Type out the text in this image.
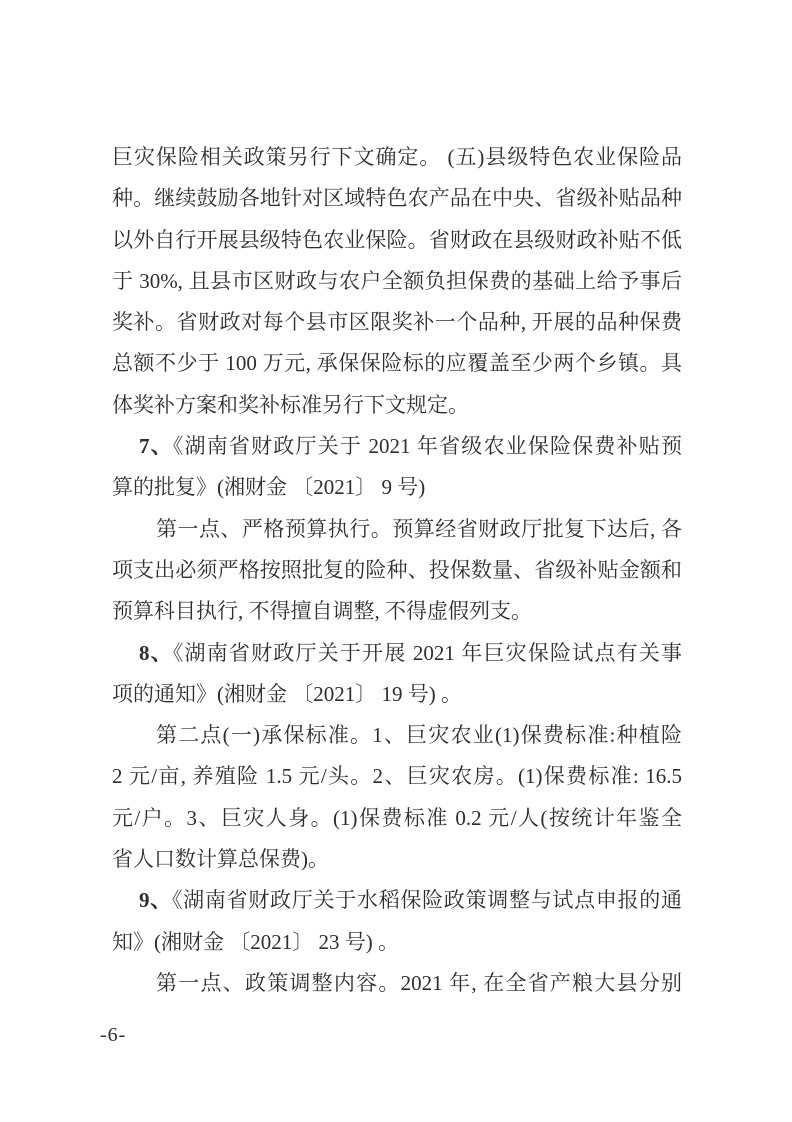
巨灾保险相关政策另行下文确定。 (五)县级特色农业保险品
种。继续鼓励各地针对区域特色农产品在中央、省级补贴品种
以外自行开展县级特色农业保险。省财政在县级财政补贴不低
于 30%, 且县市区财政与农户全额负担保费的基础上给予事后
奖补。省财政对每个县市区限奖补一个品种, 开展的品种保费
总额不少于 100 万元, 承保保险标的应覆盖至少两个乡镇。具
体奖补方案和奖补标准另行下文规定。
7、《湖南省财政厅关于 2021 年省级农业保险保费补贴预
算的批复》(湘财金 〔2021〕 9 号)
第一点、严格预算执行。预算经省财政厅批复下达后, 各
项支出必须严格按照批复的险种、投保数量、省级补贴金额和
预算科目执行, 不得擅自调整, 不得虚假列支。
8、《湖南省财政厅关于开展 2021 年巨灾保险试点有关事
项的通知》(湘财金 〔2021〕 19 号) 。
第二点(一)承保标准。1、巨灾农业(1)保费标准:种植险
2 元/亩, 养殖险 1.5 元/头。2、巨灾农房。(1)保费标准: 16.5
元/户。3、巨灾人身。(1)保费标准 0.2 元/人(按统计年鉴全
省人口数计算总保费)。
9、《湖南省财政厅关于水稻保险政策调整与试点申报的通
知》(湘财金 〔2021〕 23 号) 。
第一点、政策调整内容。2021 年, 在全省产粮大县分别
-6-
